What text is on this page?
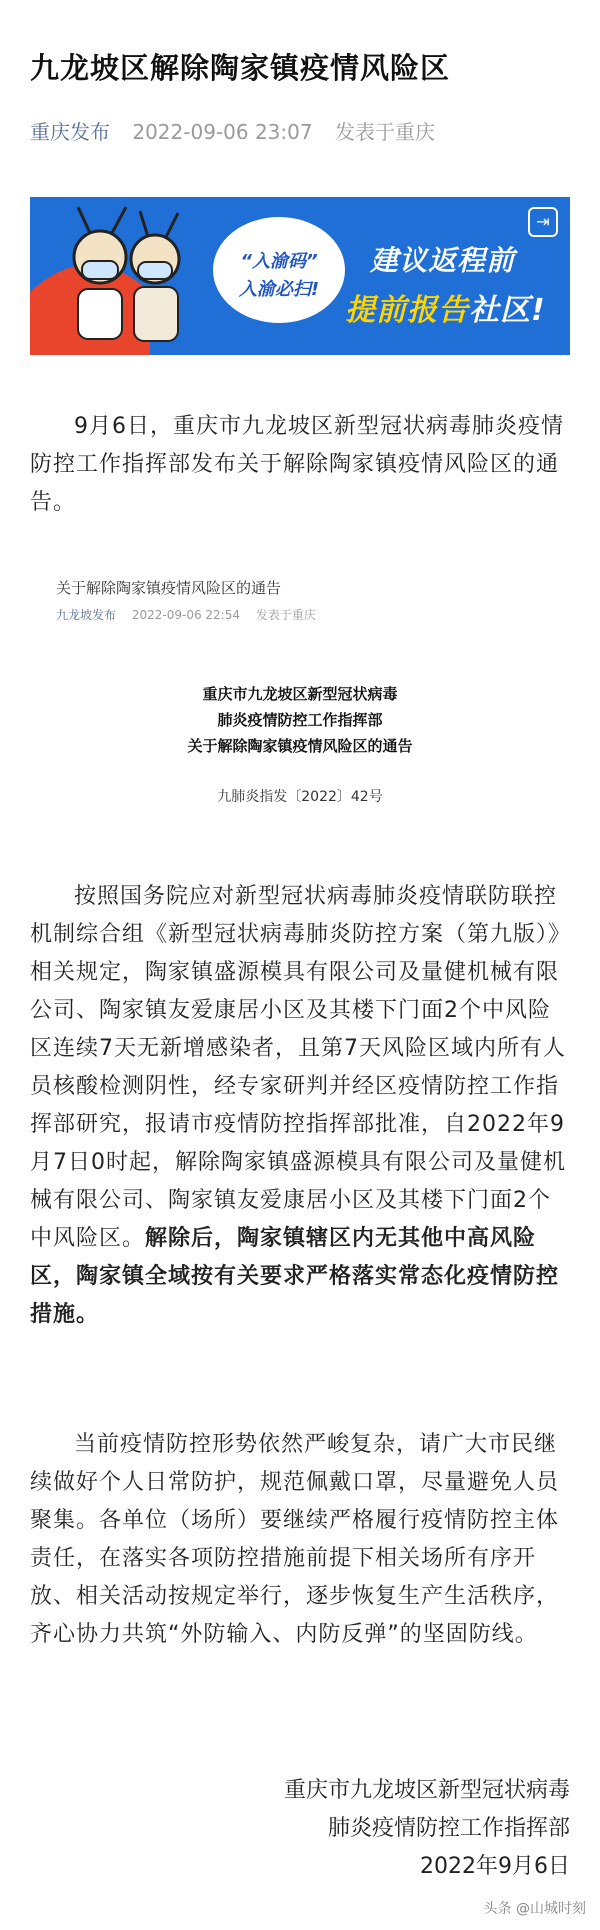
九龙坡区解除陶家镇疫情风险区
重庆发布 2022-09-06 23:07 发表于重庆
“入渝码”
入渝必扫!
建议返程前
提前报告社区!
⇥

9月6日，重庆市九龙坡区新型冠状病毒肺炎疫情防控工作指挥部发布关于解除陶家镇疫情风险区的通告。

关于解除陶家镇疫情风险区的通告
九龙坡发布 2022-09-06 22:54 发表于重庆
重庆市九龙坡区新型冠状病毒
肺炎疫情防控工作指挥部
关于解除陶家镇疫情风险区的通告
九肺炎指发〔2022〕42号

按照国务院应对新型冠状病毒肺炎疫情联防联控机制综合组《新型冠状病毒肺炎防控方案（第九版）》相关规定，陶家镇盛源模具有限公司及量健机械有限公司、陶家镇友爱康居小区及其楼下门面2个中风险区连续7天无新增感染者，且第7天风险区域内所有人员核酸检测阴性，经专家研判并经区疫情防控工作指挥部研究，报请市疫情防控指挥部批准，自2022年9月7日0时起，解除陶家镇盛源模具有限公司及量健机械有限公司、陶家镇友爱康居小区及其楼下门面2个中风险区。解除后，陶家镇辖区内无其他中高风险区，陶家镇全域按有关要求严格落实常态化疫情防控措施。

当前疫情防控形势依然严峻复杂，请广大市民继续做好个人日常防护，规范佩戴口罩，尽量避免人员聚集。各单位（场所）要继续严格履行疫情防控主体责任，在落实各项防控措施前提下相关场所有序开放、相关活动按规定举行，逐步恢复生产生活秩序，齐心协力共筑“外防输入、内防反弹”的坚固防线。

重庆市九龙坡区新型冠状病毒
肺炎疫情防控工作指挥部
2022年9月6日
头条 @山城时刻
